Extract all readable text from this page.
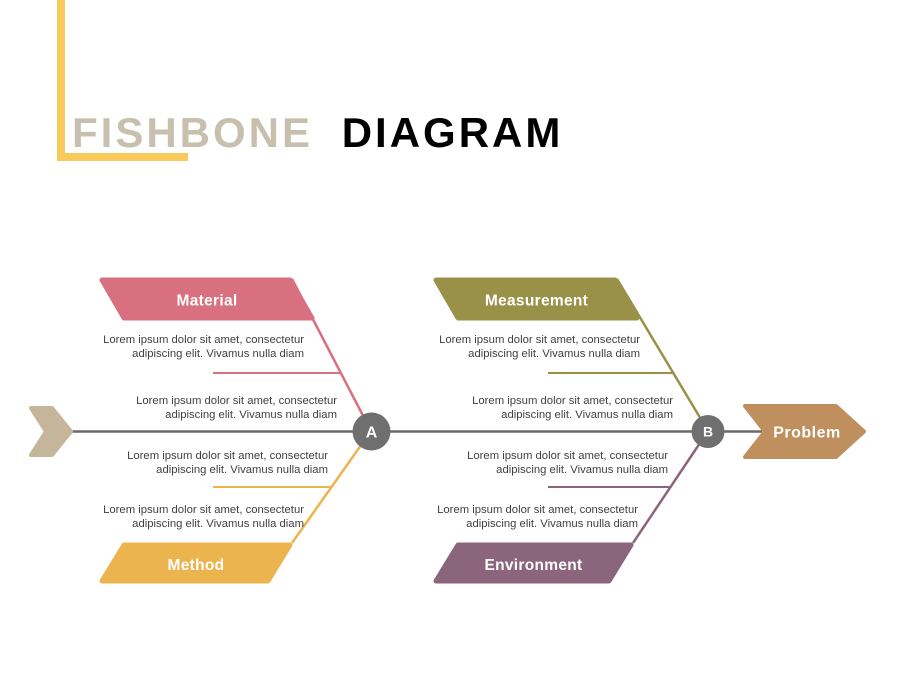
FISHBONE DIAGRAM
Material	Measurement
Method	Environment
Lorem ipsum dolor sit amet, consectetur
adipiscing elit. Vivamus nulla diam
Lorem ipsum dolor sit amet, consectetur
adipiscing elit. Vivamus nulla diam
Lorem ipsum dolor sit amet, consectetur
adipiscing elit. Vivamus nulla diam
Lorem ipsum dolor sit amet, consectetur
adipiscing elit. Vivamus nulla diam
Lorem ipsum dolor sit amet, consectetur
adipiscing elit. Vivamus nulla diam
Lorem ipsum dolor sit amet, consectetur
adipiscing elit. Vivamus nulla diam
Lorem ipsum dolor sit amet, consectetur
adipiscing elit. Vivamus nulla diam
Lorem ipsum dolor sit amet, consectetur
adipiscing elit. Vivamus nulla diam
A	B	Problem
